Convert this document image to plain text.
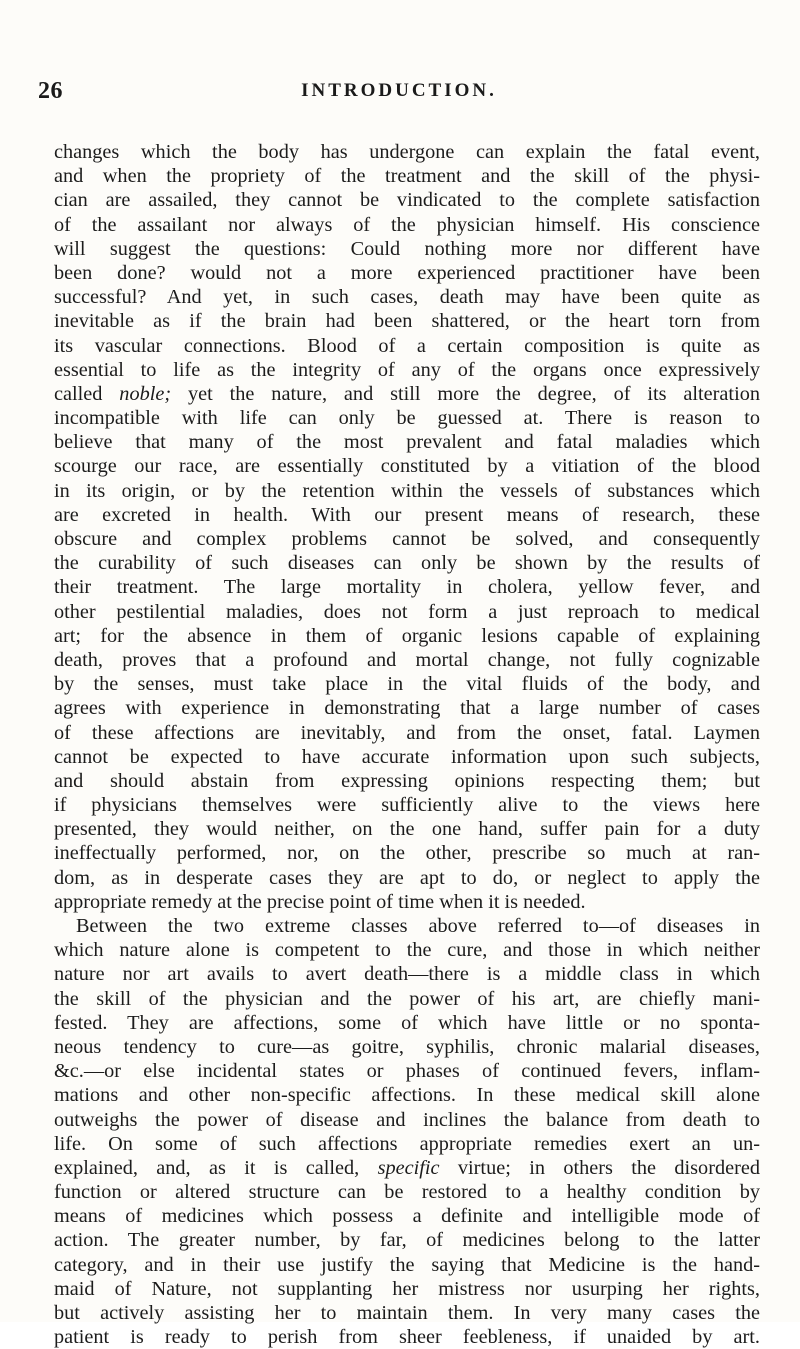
26	INTRODUCTION.
changes which the body has undergone can explain the fatal event,
and when the propriety of the treatment and the skill of the physi-
cian are assailed, they cannot be vindicated to the complete satisfaction
of the assailant nor always of the physician himself. His conscience
will suggest the questions: Could nothing more nor different have
been done? would not a more experienced practitioner have been
successful? And yet, in such cases, death may have been quite as
inevitable as if the brain had been shattered, or the heart torn from
its vascular connections. Blood of a certain composition is quite as
essential to life as the integrity of any of the organs once expressively
called noble; yet the nature, and still more the degree, of its alteration
incompatible with life can only be guessed at. There is reason to
believe that many of the most prevalent and fatal maladies which
scourge our race, are essentially constituted by a vitiation of the blood
in its origin, or by the retention within the vessels of substances which
are excreted in health. With our present means of research, these
obscure and complex problems cannot be solved, and consequently
the curability of such diseases can only be shown by the results of
their treatment. The large mortality in cholera, yellow fever, and
other pestilential maladies, does not form a just reproach to medical
art; for the absence in them of organic lesions capable of explaining
death, proves that a profound and mortal change, not fully cognizable
by the senses, must take place in the vital fluids of the body, and
agrees with experience in demonstrating that a large number of cases
of these affections are inevitably, and from the onset, fatal. Laymen
cannot be expected to have accurate information upon such subjects,
and should abstain from expressing opinions respecting them; but
if physicians themselves were sufficiently alive to the views here
presented, they would neither, on the one hand, suffer pain for a duty
ineffectually performed, nor, on the other, prescribe so much at ran-
dom, as in desperate cases they are apt to do, or neglect to apply the
appropriate remedy at the precise point of time when it is needed.
Between the two extreme classes above referred to—of diseases in
which nature alone is competent to the cure, and those in which neither
nature nor art avails to avert death—there is a middle class in which
the skill of the physician and the power of his art, are chiefly mani-
fested. They are affections, some of which have little or no sponta-
neous tendency to cure—as goitre, syphilis, chronic malarial diseases,
&c.—or else incidental states or phases of continued fevers, inflam-
mations and other non-specific affections. In these medical skill alone
outweighs the power of disease and inclines the balance from death to
life. On some of such affections appropriate remedies exert an un-
explained, and, as it is called, specific virtue; in others the disordered
function or altered structure can be restored to a healthy condition by
means of medicines which possess a definite and intelligible mode of
action. The greater number, by far, of medicines belong to the latter
category, and in their use justify the saying that Medicine is the hand-
maid of Nature, not supplanting her mistress nor usurping her rights,
but actively assisting her to maintain them. In very many cases the
patient is ready to perish from sheer feebleness, if unaided by art.
